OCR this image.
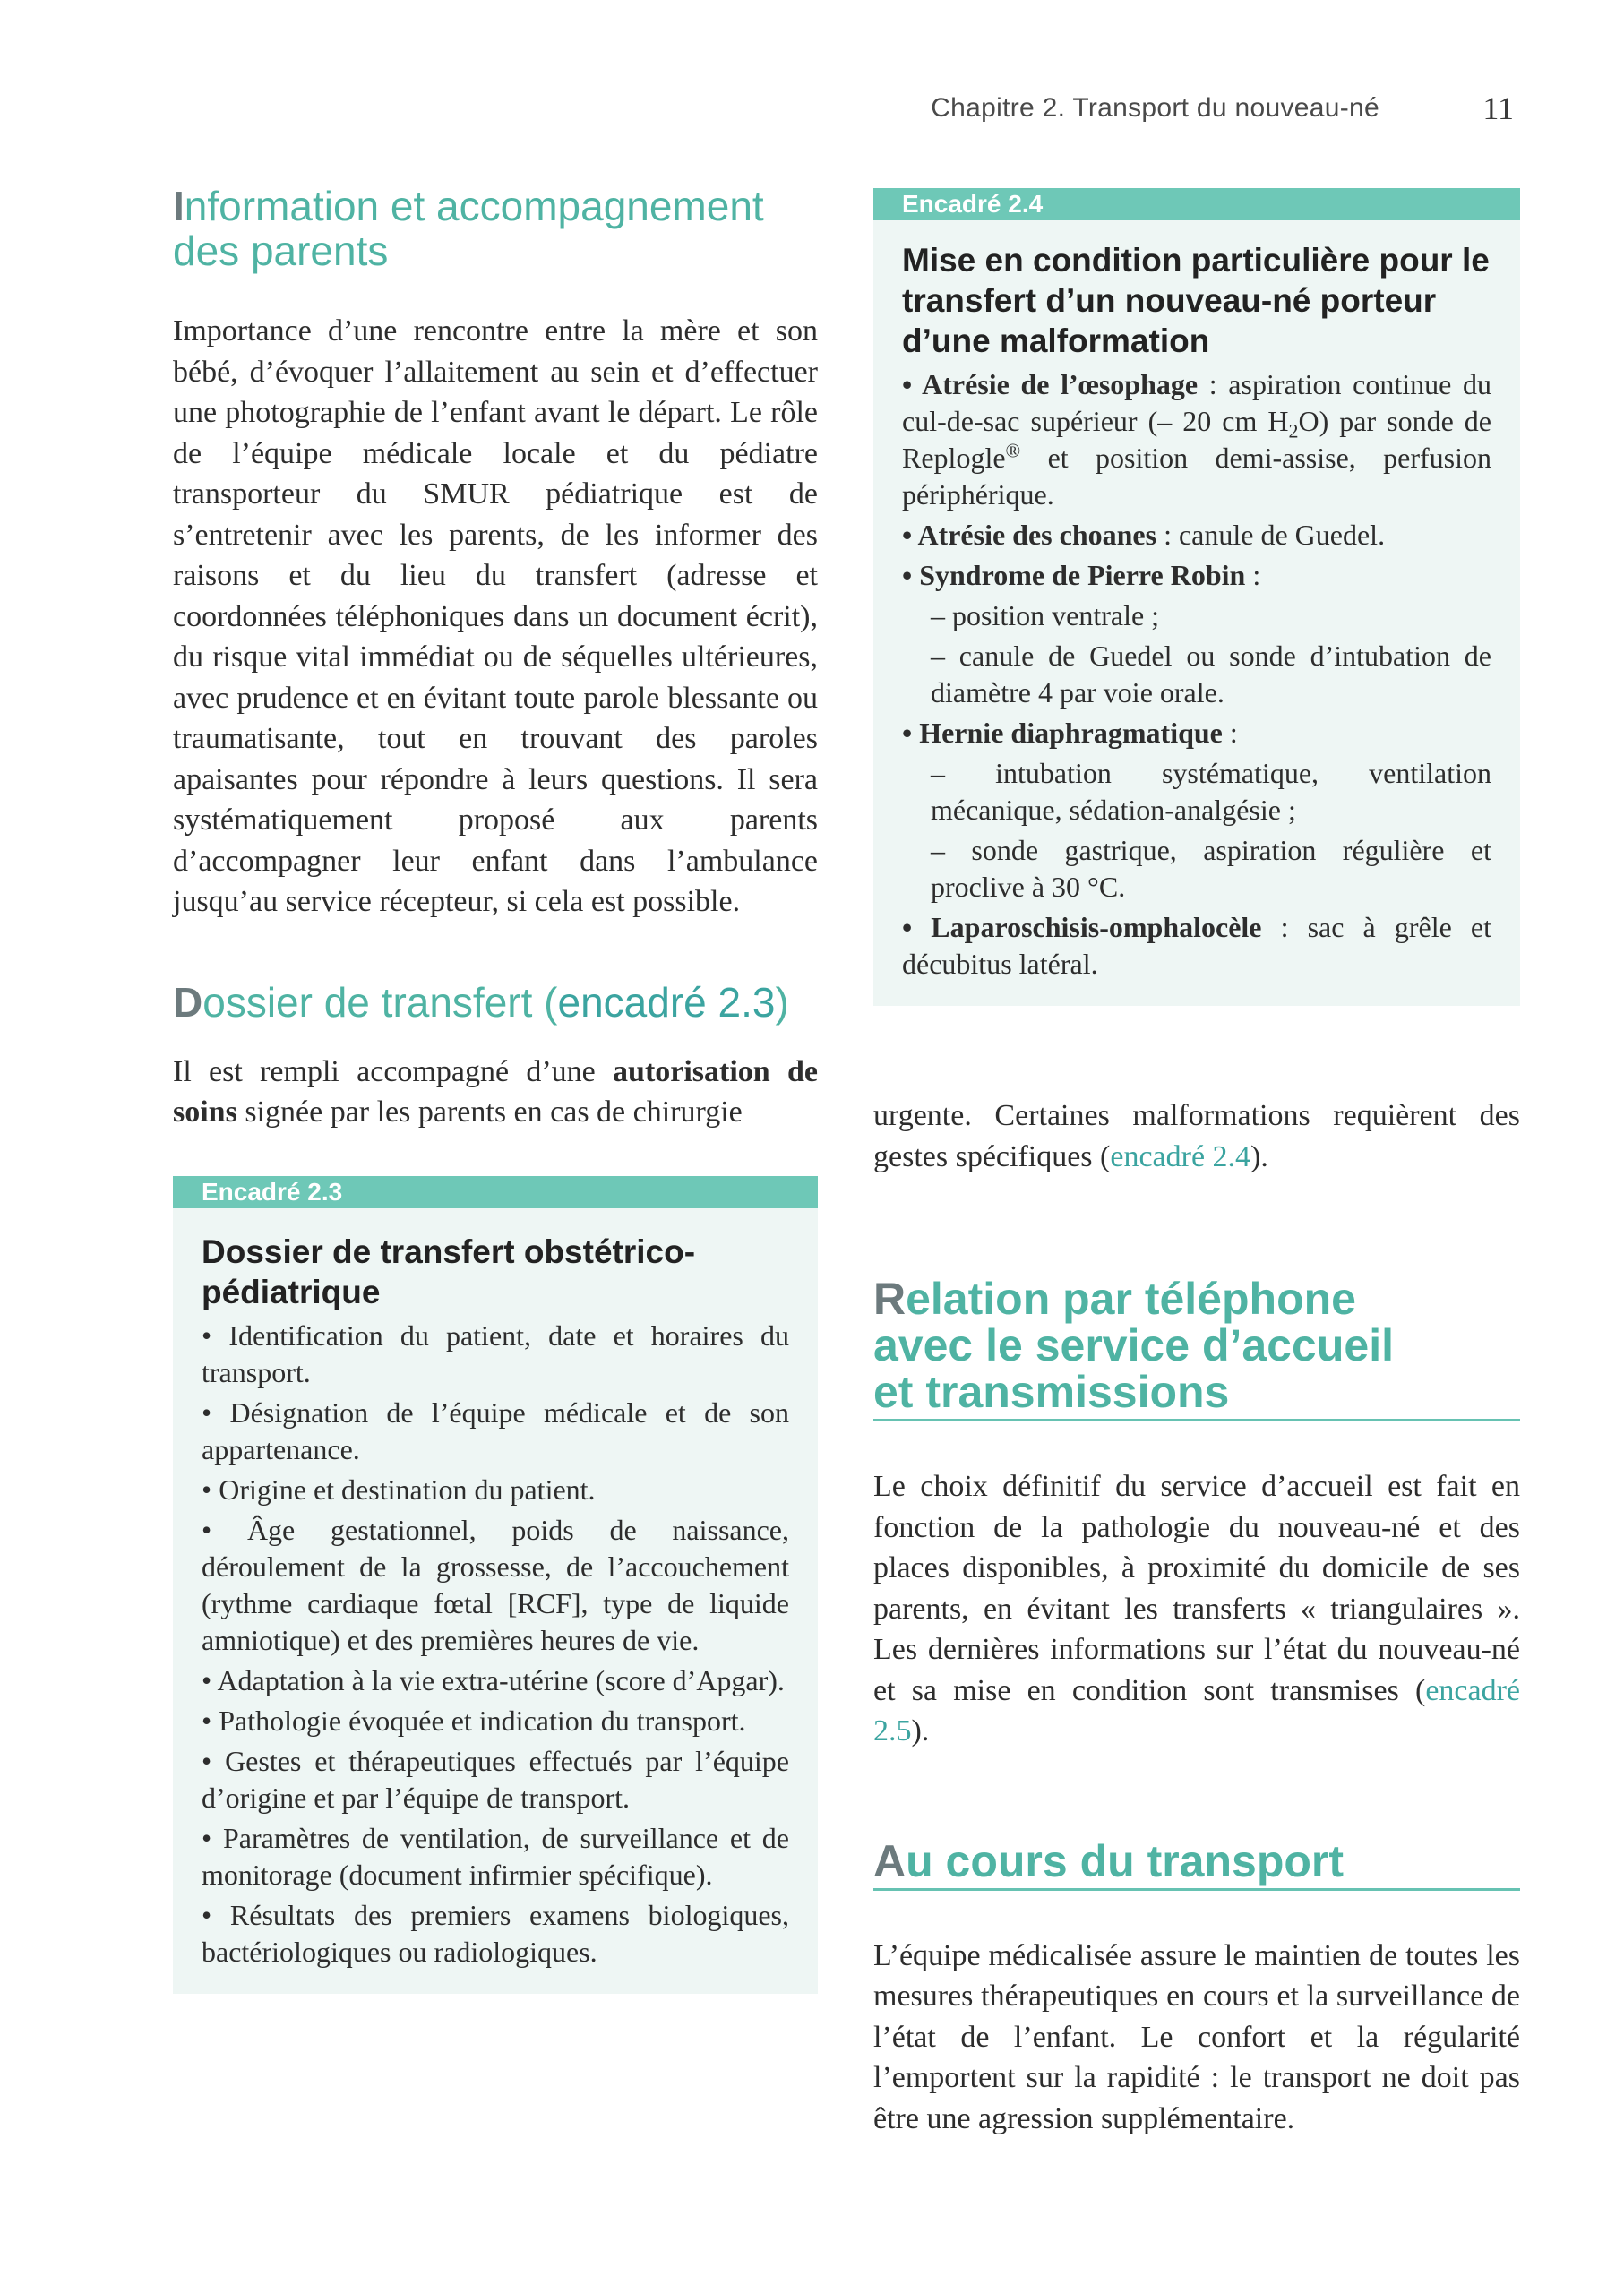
Chapitre 2. Transport du nouveau-né	11
Information et accompagnement
des parents

Importance d’une rencontre entre la mère et son bébé, d’évoquer l’allaitement au sein et d’effectuer une photographie de l’enfant avant le départ. Le rôle de l’équipe médicale locale et du pédiatre transporteur du SMUR pédiatrique est de s’entretenir avec les parents, de les informer des raisons et du lieu du transfert (adresse et coordonnées téléphoniques dans un document écrit), du risque vital immédiat ou de séquelles ultérieures, avec prudence et en évitant toute parole blessante ou traumatisante, tout en trouvant des paroles apaisantes pour répondre à leurs questions. Il sera systématiquement proposé aux parents d’accompagner leur enfant dans l’ambulance jusqu’au service récepteur, si cela est possible.

Dossier de transfert (encadré 2.3)

Il est rempli accompagné d’une autorisation de soins signée par les parents en cas de chirurgie

Encadré 2.3

Dossier de transfert obstétrico-pédiatrique

• Identification du patient, date et horaires du transport.

• Désignation de l’équipe médicale et de son appartenance.

• Origine et destination du patient.

• Âge gestationnel, poids de naissance, déroulement de la grossesse, de l’accouchement (rythme cardiaque fœtal [RCF], type de liquide amniotique) et des premières heures de vie.

• Adaptation à la vie extra-utérine (score d’Apgar).

• Pathologie évoquée et indication du transport.

• Gestes et thérapeutiques effectués par l’équipe d’origine et par l’équipe de transport.

• Paramètres de ventilation, de surveillance et de monitorage (document infirmier spécifique).

• Résultats des premiers examens biologiques, bactériologiques ou radiologiques.

Encadré 2.4

Mise en condition particulière pour le transfert d’un nouveau-né porteur d’une malformation

• Atrésie de l’œsophage : aspiration continue du cul-de-sac supérieur (– 20 cm $H_2O$) par sonde de Replogle® et position demi-assise, perfusion périphérique.

• Atrésie des choanes : canule de Guedel.

• Syndrome de Pierre Robin :

– position ventrale ;

– canule de Guedel ou sonde d’intubation de diamètre 4 par voie orale.

• Hernie diaphragmatique :

– intubation systématique, ventilation mécanique, sédation-analgésie ;

– sonde gastrique, aspiration régulière et proclive à 30 °C.

• Laparoschisis-omphalocèle : sac à grêle et décubitus latéral.

urgente. Certaines malformations requièrent des gestes spécifiques (encadré 2.4).

Relation par téléphone
avec le service d’accueil
et transmissions

Le choix définitif du service d’accueil est fait en fonction de la pathologie du nouveau-né et des places disponibles, à proximité du domicile de ses parents, en évitant les transferts « triangulaires ». Les dernières informations sur l’état du nouveau-né et sa mise en condition sont transmises (encadré 2.5).

Au cours du transport

L’équipe médicalisée assure le maintien de toutes les mesures thérapeutiques en cours et la surveillance de l’état de l’enfant. Le confort et la régularité l’emportent sur la rapidité : le transport ne doit pas être une agression supplémentaire.
